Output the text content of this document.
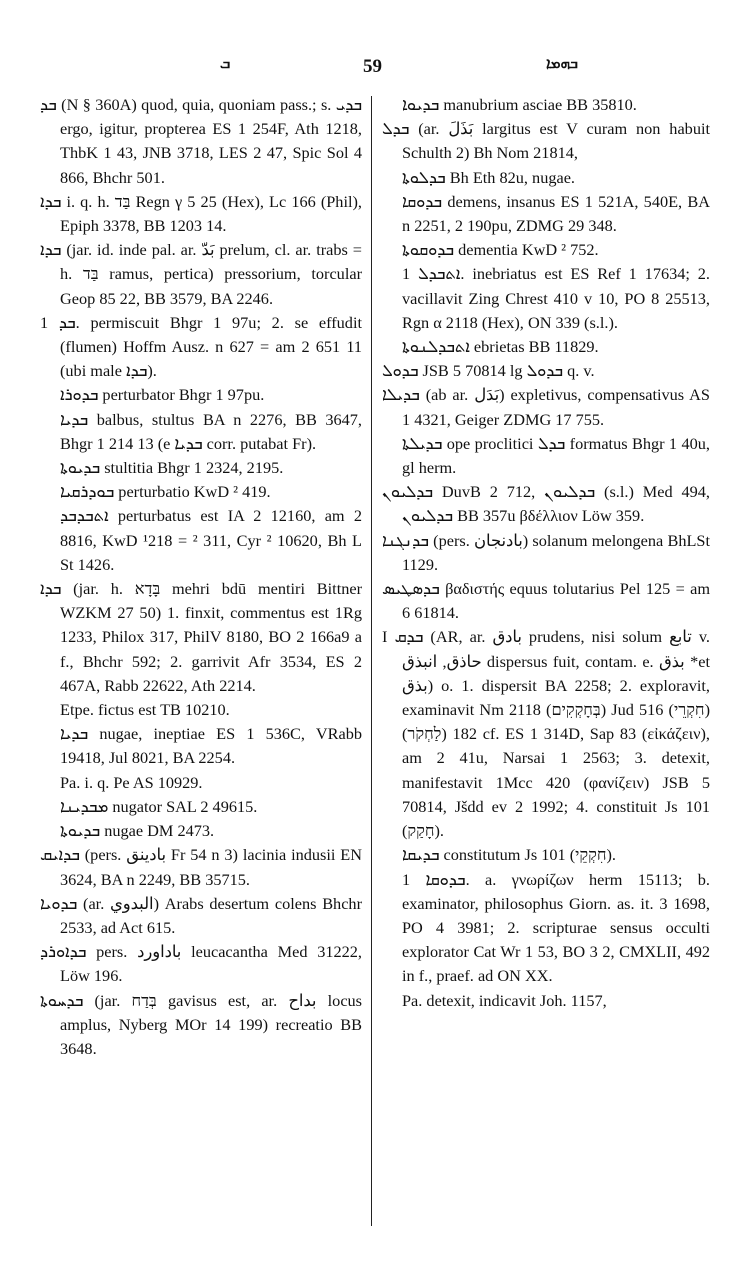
ܒ	59	ܒܗܡܐ

ܒܕ (N § 360A) quod, quia, quoniam pass.; s. ܒܕܝ ergo, igitur, propterea ES 1 254F, Ath 1218, ThbK 1 43, JNB 3718, LES 2 47, Spic Sol 4 866, Bhchr 501.

ܒܕܐ i. q. h. בַּד Regn γ 5 25 (Hex), Lc 166 (Phil), Epiph 3378, BB 1203 14.

ܒܕܐ (jar. id. inde pal. ar. بَدّ prelum, cl. ar. trabs = h. בַּד ramus, pertica) pressorium, torcular Geop 85 22, BB 3579, BA 2246.

ܒܕ 1. permiscuit Bhgr 1 97u; 2. se effudit (flumen) Hoffm Ausz. n 627 = am 2 651 11 (ubi male ܒܕܐ).

ܒܕܘܪܐ perturbator Bhgr 1 97pu.

ܒܕܝܐ balbus, stultus BA n 2276, BB 3647, Bhgr 1 214 13 (e ܒܕܝܐ corr. putabat Fr).

ܒܕܝܘܬܐ stultitia Bhgr 1 2324, 2195.

ܒܘܕܪܩܝܐ perturbatio KwD ² 419.

ܐܬܒܕܒܕ perturbatus est IA 2 12160, am 2 8816, KwD ¹218 = ² 311, Cyr ² 10620, Bh L St 1426.

ܒܕܐ (jar. h. בָּדָא mehri bdū mentiri Bittner WZKM 27 50) 1. finxit, commentus est 1Rg 1233, Philox 317, PhilV 8180, BO 2 166a9 a f., Bhchr 592; 2. garrivit Afr 3534, ES 2 467A, Rabb 22622, Ath 2214.

Etpe. fictus est TB 10210.

ܒܕܝܐ nugae, ineptiae ES 1 536C, VRabb 19418, Jul 8021, BA 2254.

Pa. i. q. Pe AS 10929.

ܡܒܕܝܢܐ nugator SAL 2 49615.

ܒܕܝܘܬܐ nugae DM 2473.

ܒܕܐܝܩ (pers. بادينق Fr 54 n 3) lacinia indusii EN 3624, BA n 2249, BB 35715.

ܒܕܘܝܐ (ar. البدوي) Arabs desertum colens Bhchr 2533, ad Act 615.

ܒܕܐܘܪܕ pers. باداورد leucacantha Med 31222, Löw 196.

ܒܕܚܘܬܐ (jar. בְּדַח gavisus est, ar. بداح locus amplus, Nyberg MOr 14 199) recreatio BB 3648.

ܒܕܝܘܐ manubrium asciae BB 35810.

ܒܕܠ (ar. بَذَلَ largitus est V curam non habuit Schulth 2) Bh Nom 21814,

ܒܕܠܘܬܐ Bh Eth 82u, nugae.

ܒܕܘܩܐ demens, insanus ES 1 521A, 540E, BA n 2251, 2 190pu, ZDMG 29 348.

ܒܕܘܩܘܬܐ dementia KwD ² 752.

ܐܬܒܕܠ 1. inebriatus est ES Ref 1 17634; 2. vacillavit Zing Chrest 410 v 10, PO 8 25513, Rgn α 2118 (Hex), ON 339 (s.l.).

ܐܬܒܕܠܢܘܬܐ ebrietas BB 11829.

ܒܕܘܠ JSB 5 70814 lg ܒܕܘܠ q. v.

ܒܕܝܠܐ (ab ar. بَدَل) expletivus, compensativus AS 1 4321, Geiger ZDMG 17 755.

ܒܕܝܠܬܐ ope proclitici ܒܕܠ formatus Bhgr 1 40u, gl herm.

ܒܕܠܝܘܢ DuvB 2 712, ܒܕܠܝܘܢ (s.l.) Med 494, ܒܕܠܝܘܢ BB 357u βδέλλιον Löw 359.

ܒܕܢܓܢܐ (pers. بادنجان) solanum melongena BhLSt 1129.

ܒܕܣܛܝܣ βαδιστής equus tolutarius Pel 125 = am 6 61814.

I ܒܕܩ (AR, ar. بادق prudens, nisi solum تابع v. حاذق, انبذق dispersus fuit, contam. e. بذق *et بذق) o. 1. dispersit BA 2258; 2. exploravit, examinavit Nm 2118 (בְּחָקְקִים) Jud 516 (חִקְרֵי) 182 (לַחְקֹר) cf. ES 1 314D, Sap 83 (εἰκάζειν), am 2 41u, Narsai 1 2563; 3. detexit, manifestavit 1Mcc 420 (φανίζειν) JSB 5 70814, Jšdd ev 2 1992; 4. constituit Js 101 (חָקַק).

ܒܕܝܩܐ constitutum Js 101 (חִקְקֵי).

ܒܕܘܩܐ 1. a. γνωρίζων herm 15113; b. examinator, philosophus Giorn. as. it. 3 1698, PO 4 3981; 2. scripturae sensus occulti explorator Cat Wr 1 53, BO 3 2, CMXLII, 492 in f., praef. ad ON XX.

Pa. detexit, indicavit Joh. 1157,
